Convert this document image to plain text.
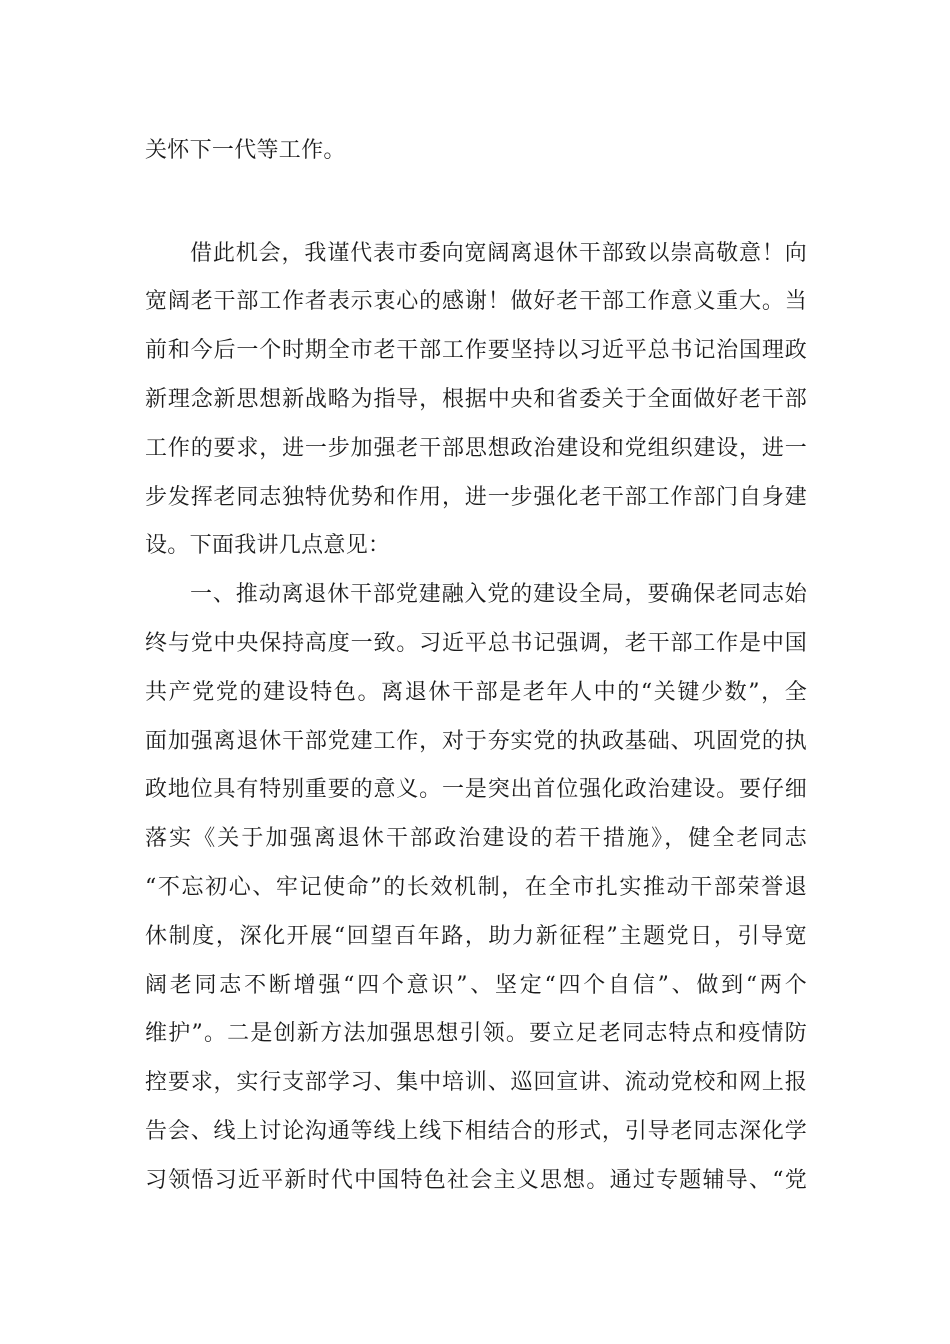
关怀下一代等工作。
借此机会，我谨代表市委向宽阔离退休干部致以崇高敬意！向
宽阔老干部工作者表示衷心的感谢！做好老干部工作意义重大。当
前和今后一个时期全市老干部工作要坚持以习近平总书记治国理政
新理念新思想新战略为指导，根据中央和省委关于全面做好老干部
工作的要求，进一步加强老干部思想政治建设和党组织建设，进一
步发挥老同志独特优势和作用，进一步强化老干部工作部门自身建
设。下面我讲几点意见：
一、推动离退休干部党建融入党的建设全局，要确保老同志始
终与党中央保持高度一致。习近平总书记强调，老干部工作是中国
共产党党的建设特色。离退休干部是老年人中的“关键少数”，全
面加强离退休干部党建工作，对于夯实党的执政基础、巩固党的执
政地位具有特别重要的意义。一是突出首位强化政治建设。要仔细
落实《关于加强离退休干部政治建设的若干措施》，健全老同志
“不忘初心、牢记使命”的长效机制，在全市扎实推动干部荣誉退
休制度，深化开展“回望百年路，助力新征程”主题党日，引导宽
阔老同志不断增强“四个意识”、坚定“四个自信”、做到“两个
维护”。二是创新方法加强思想引领。要立足老同志特点和疫情防
控要求，实行支部学习、集中培训、巡回宣讲、流动党校和网上报
告会、线上讨论沟通等线上线下相结合的形式，引导老同志深化学
习领悟习近平新时代中国特色社会主义思想。通过专题辅导、“党
